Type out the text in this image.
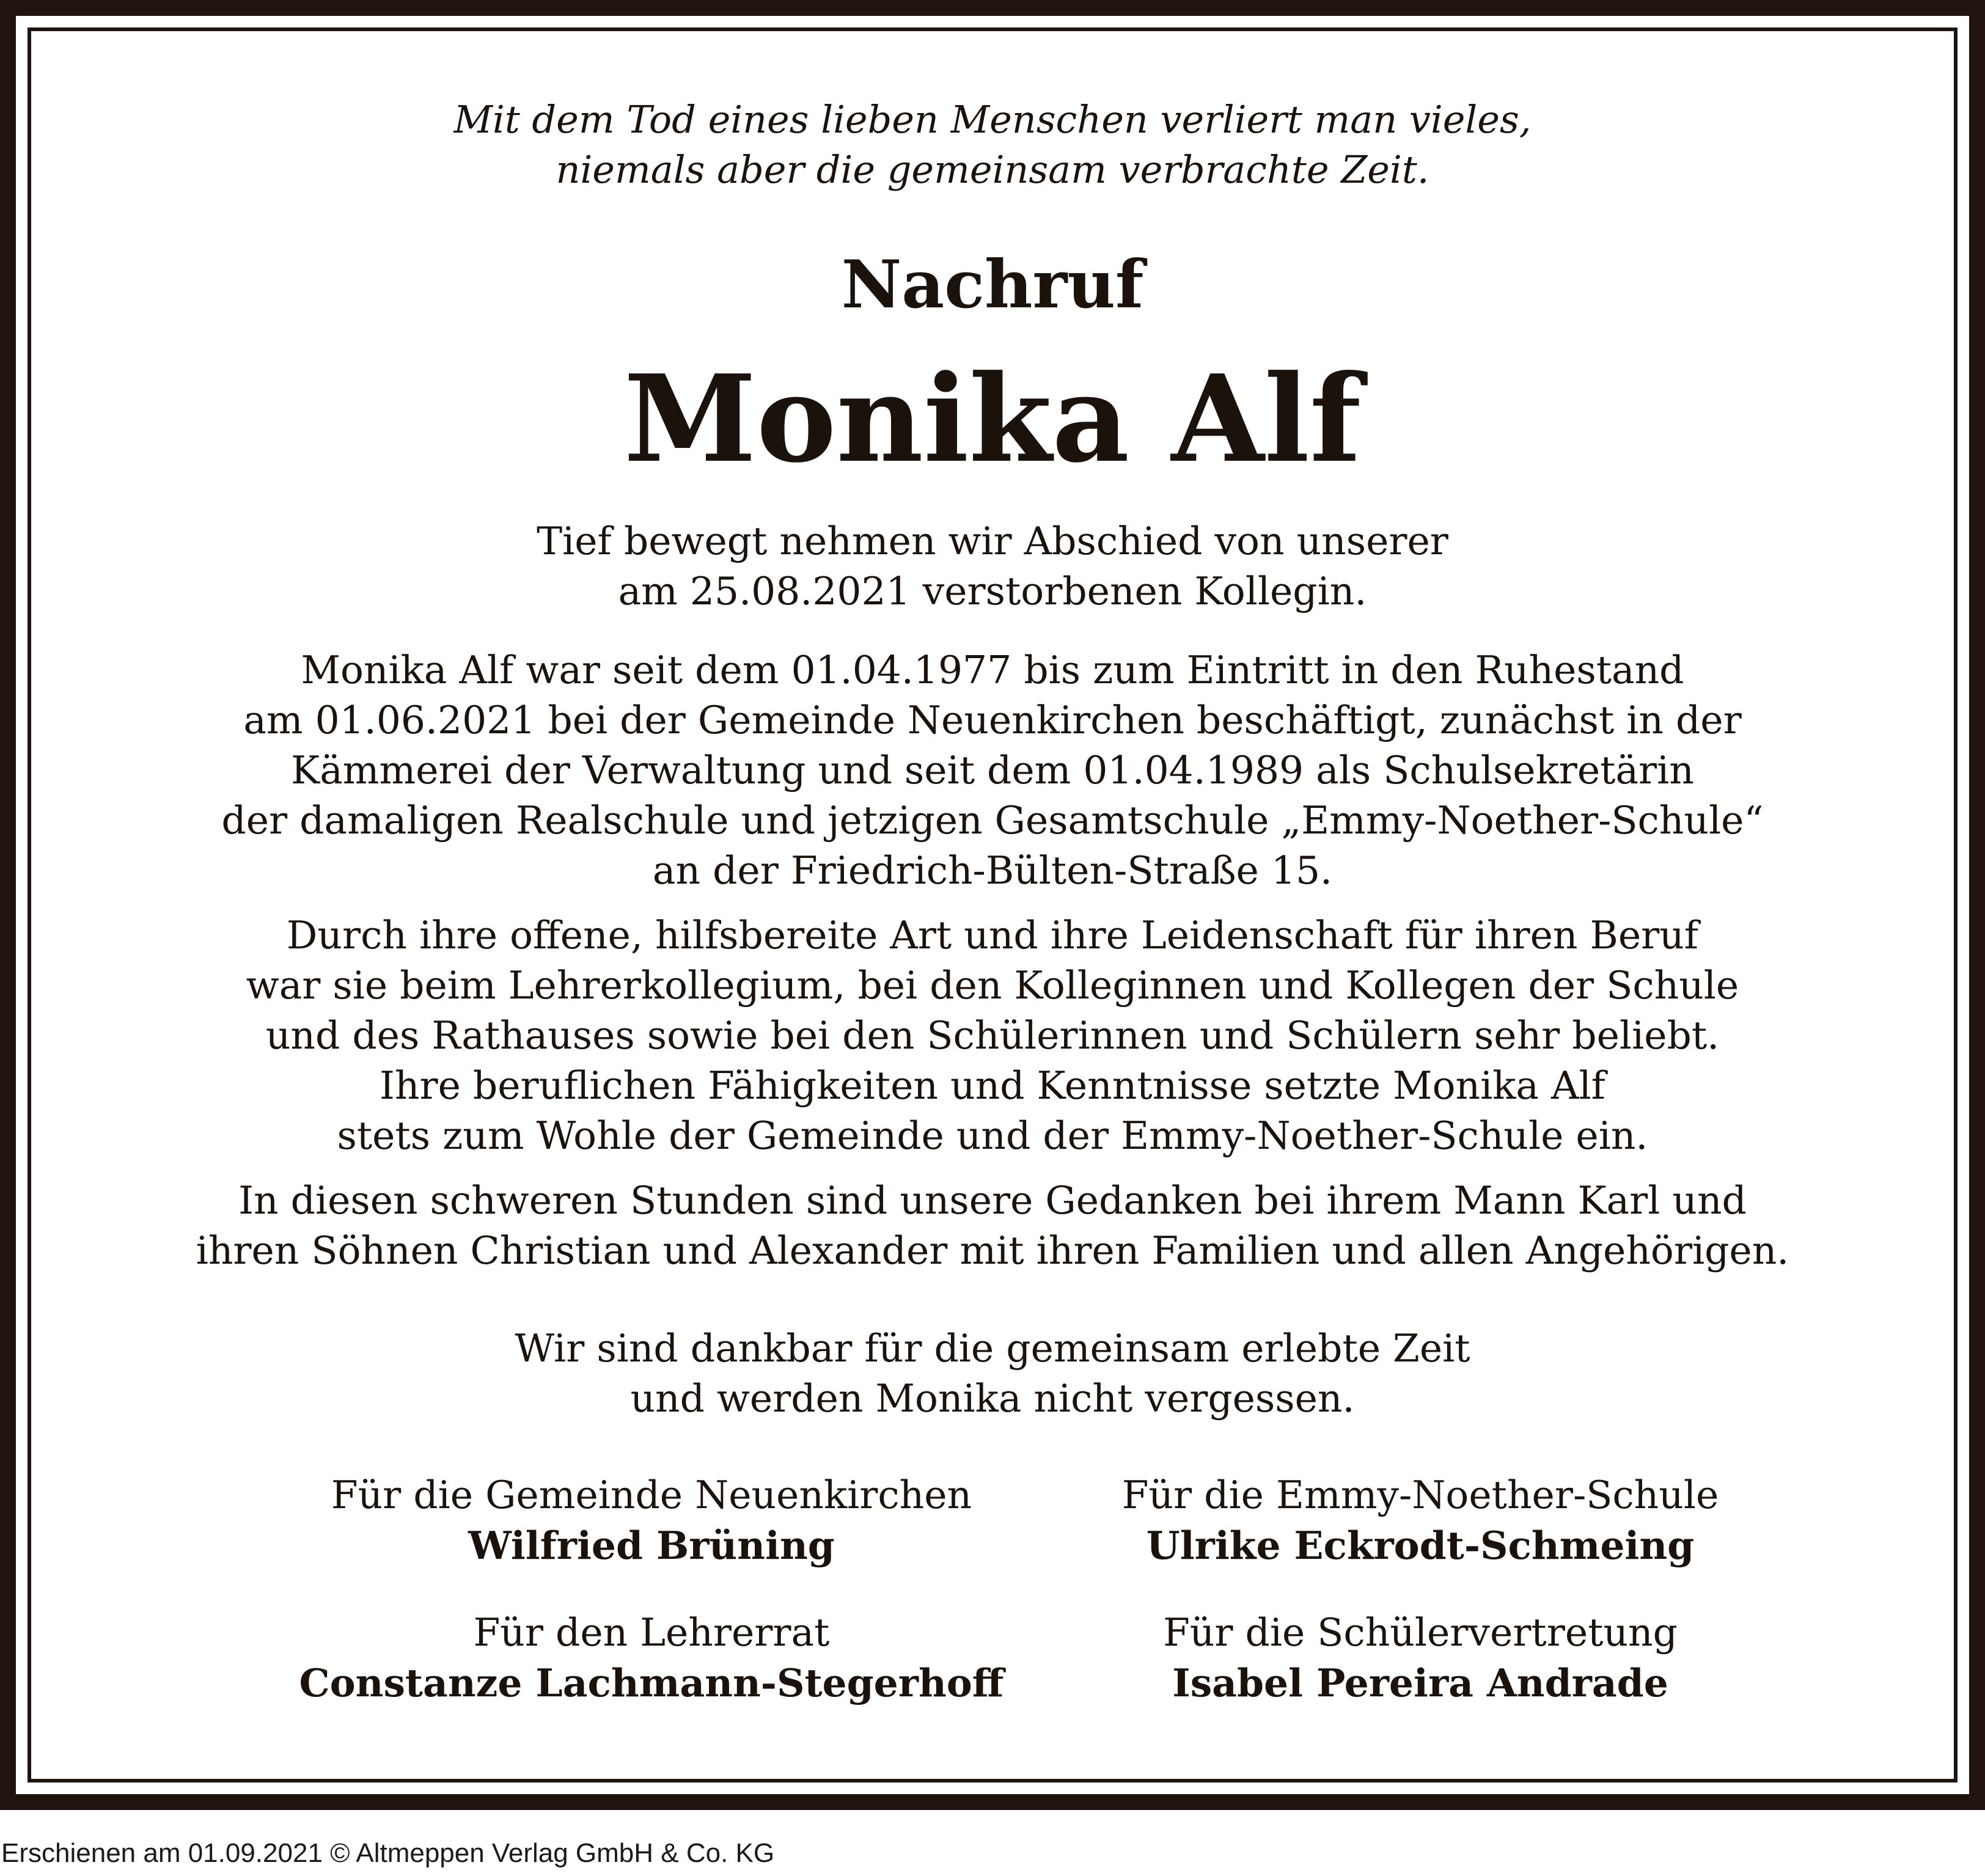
Mit dem Tod eines lieben Menschen verliert man vieles,
niemals aber die gemeinsam verbrachte Zeit.
Nachruf
Monika Alf
Tief bewegt nehmen wir Abschied von unserer
am 25.08.2021 verstorbenen Kollegin.
Monika Alf war seit dem 01.04.1977 bis zum Eintritt in den Ruhestand
am 01.06.2021 bei der Gemeinde Neuenkirchen beschäftigt, zunächst in der
Kämmerei der Verwaltung und seit dem 01.04.1989 als Schulsekretärin
der damaligen Realschule und jetzigen Gesamtschule „Emmy-Noether-Schule“
an der Friedrich-Bülten-Straße 15.
Durch ihre offene, hilfsbereite Art und ihre Leidenschaft für ihren Beruf
war sie beim Lehrerkollegium, bei den Kolleginnen und Kollegen der Schule
und des Rathauses sowie bei den Schülerinnen und Schülern sehr beliebt.
Ihre beruflichen Fähigkeiten und Kenntnisse setzte Monika Alf
stets zum Wohle der Gemeinde und der Emmy-Noether-Schule ein.
In diesen schweren Stunden sind unsere Gedanken bei ihrem Mann Karl und
ihren Söhnen Christian und Alexander mit ihren Familien und allen Angehörigen.
Wir sind dankbar für die gemeinsam erlebte Zeit
und werden Monika nicht vergessen.
Für die Gemeinde Neuenkirchen
Wilfried Brüning
Für die Emmy-Noether-Schule
Ulrike Eckrodt-Schmeing
Für den Lehrerrat
Constanze Lachmann-Stegerhoff
Für die Schülervertretung
Isabel Pereira Andrade
Erschienen am 01.09.2021 © Altmeppen Verlag GmbH & Co. KG
